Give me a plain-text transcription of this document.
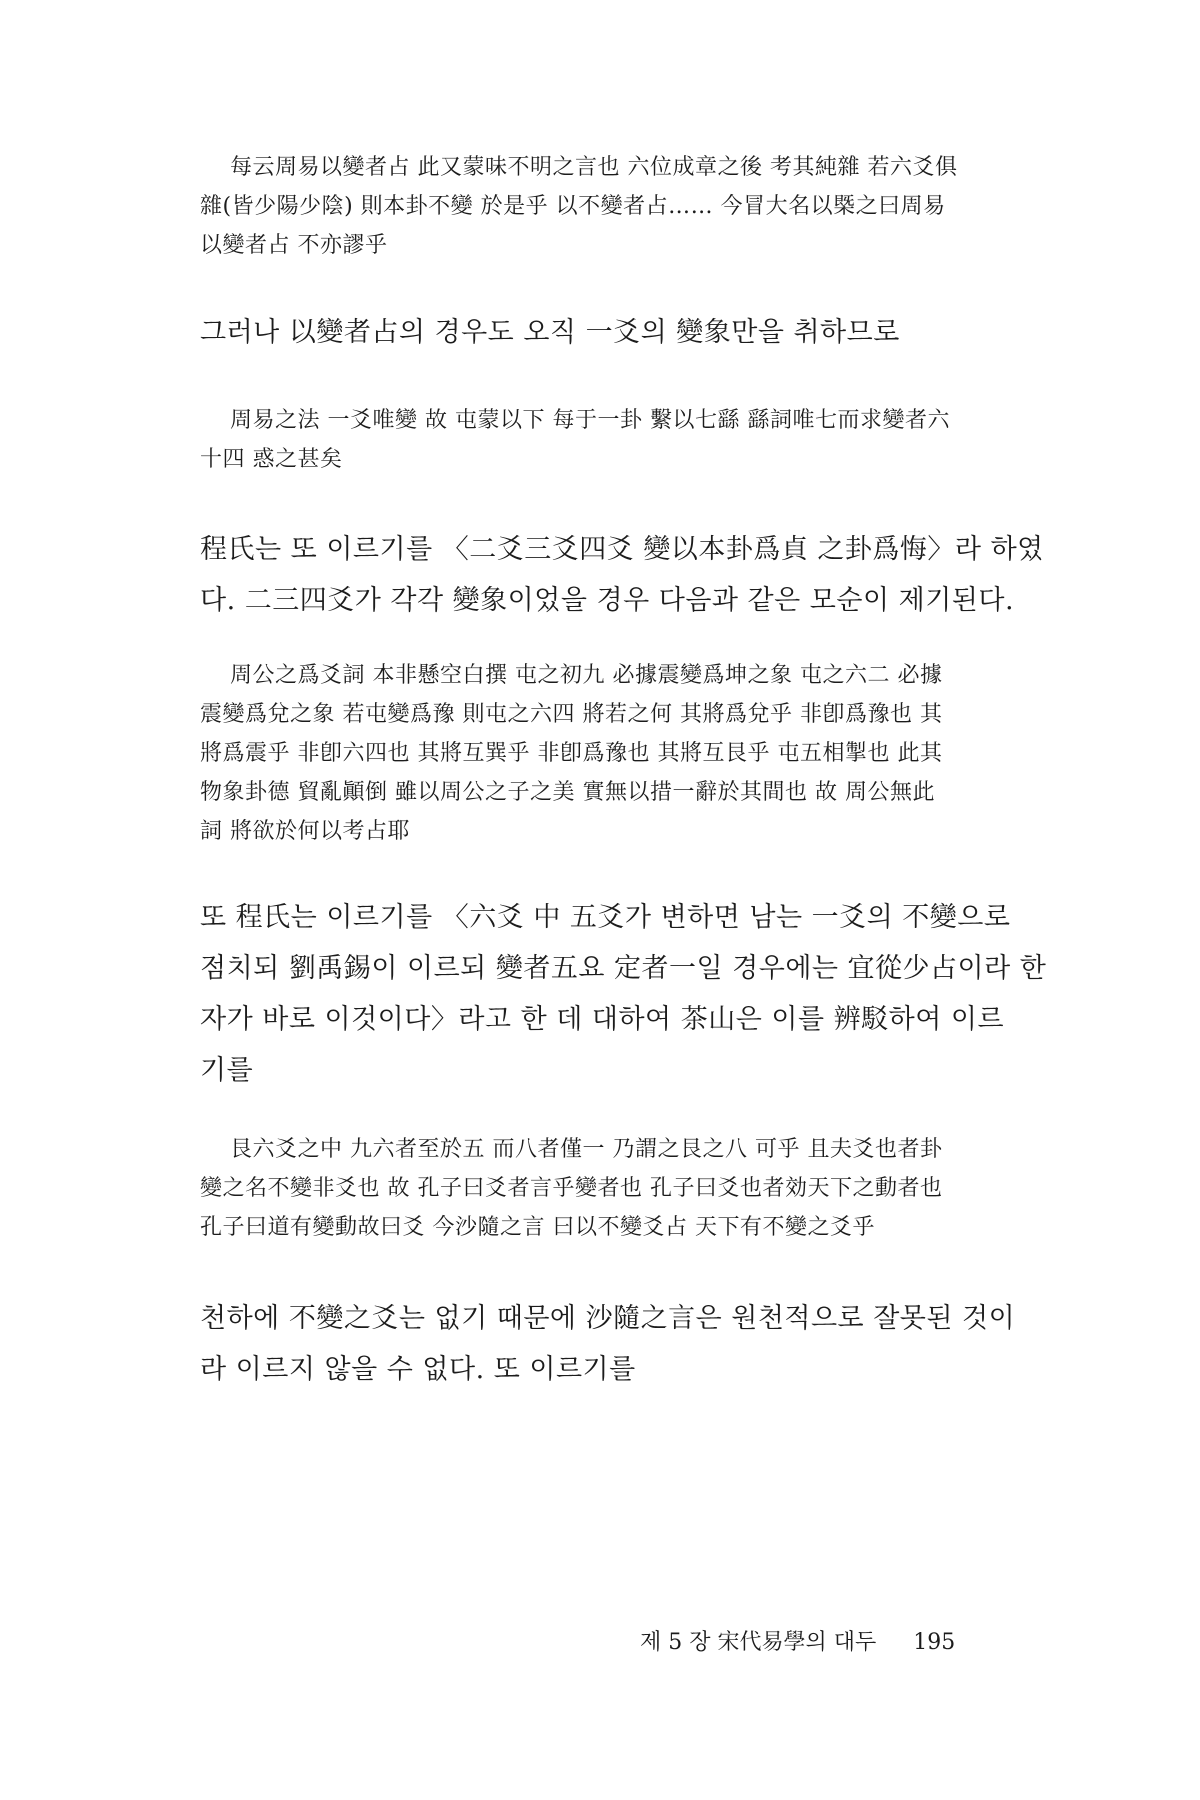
每云周易以變者占 此又蒙味不明之言也 六位成章之後 考其純雜 若六爻俱
雜(皆少陽少陰) 則本卦不變 於是乎 以不變者占…… 今冒大名以槩之曰周易
以變者占 不亦謬乎
그러나 以變者占의 경우도 오직 一爻의 變象만을 취하므로
周易之法 一爻唯變 故 屯蒙以下 每于一卦 繫以七繇 繇詞唯七而求變者六
十四 惑之甚矣
程氏는 또 이르기를 〈二爻三爻四爻 變以本卦爲貞 之卦爲悔〉라 하였
다. 二三四爻가 각각 變象이었을 경우 다음과 같은 모순이 제기된다.
周公之爲爻詞 本非懸空白撰 屯之初九 必據震變爲坤之象 屯之六二 必據
震變爲兌之象 若屯變爲豫 則屯之六四 將若之何 其將爲兌乎 非卽爲豫也 其
將爲震乎 非卽六四也 其將互巽乎 非卽爲豫也 其將互艮乎 屯五相掣也 此其
物象卦德 貿亂顚倒 雖以周公之子之美 實無以措一辭於其間也 故 周公無此
詞 將欲於何以考占耶
또 程氏는 이르기를 〈六爻 中 五爻가 변하면 남는 一爻의 不變으로
점치되 劉禹錫이 이르되 變者五요 定者一일 경우에는 宜從少占이라 한
자가 바로 이것이다〉라고 한 데 대하여 茶山은 이를 辨駁하여 이르
기를
艮六爻之中 九六者至於五 而八者僅一 乃謂之艮之八 可乎 且夫爻也者卦
變之名不變非爻也 故 孔子曰爻者言乎變者也 孔子曰爻也者効天下之動者也
孔子曰道有變動故曰爻 今沙隨之言 曰以不變爻占 天下有不變之爻乎
천하에 不變之爻는 없기 때문에 沙隨之言은 원천적으로 잘못된 것이
라 이르지 않을 수 없다. 또 이르기를
제 5 장 宋代易學의 대두 195
